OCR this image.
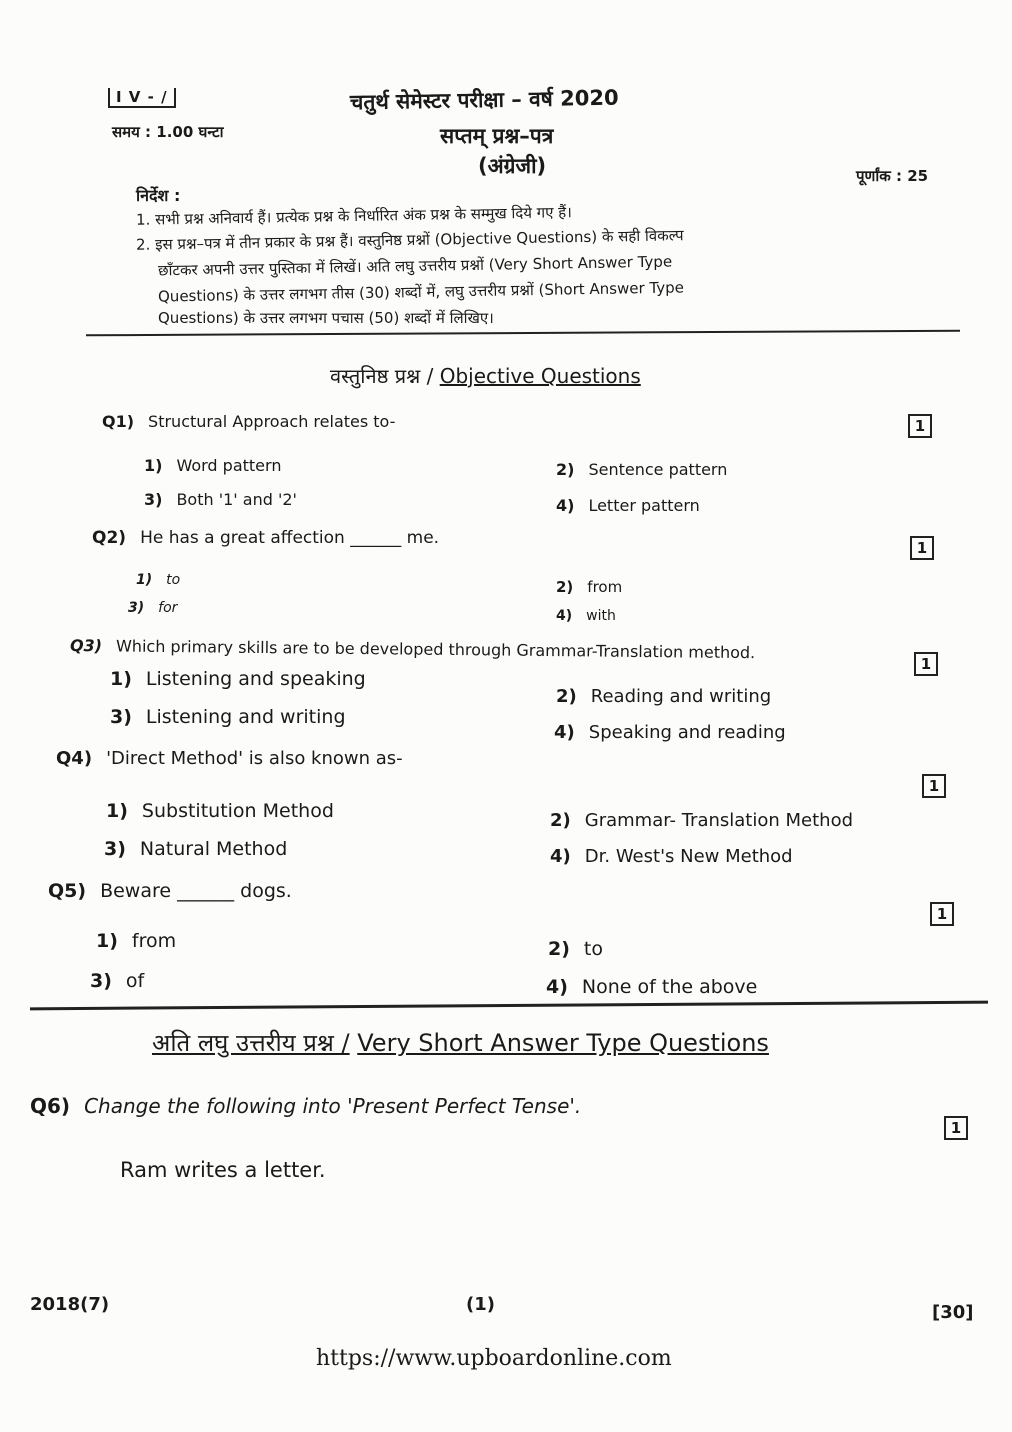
I V - /
समय : 1.00 घन्टा
चतुर्थ सेमेस्टर परीक्षा – वर्ष 2020
सप्तम् प्रश्न–पत्र
(अंग्रेजी)	पूर्णांक : 25
निर्देश :
1. सभी प्रश्न अनिवार्य हैं। प्रत्येक प्रश्न के निर्धारित अंक प्रश्न के सम्मुख दिये गए हैं।
2. इस प्रश्न–पत्र में तीन प्रकार के प्रश्न हैं। वस्तुनिष्ठ प्रश्नों (Objective Questions) के सही विकल्प
छाँटकर अपनी उत्तर पुस्तिका में लिखें। अति लघु उत्तरीय प्रश्नों (Very Short Answer Type
Questions) के उत्तर लगभग तीस (30) शब्दों में, लघु उत्तरीय प्रश्नों (Short Answer Type
Questions) के उत्तर लगभग पचास (50) शब्दों में लिखिए।
वस्तुनिष्ठ प्रश्न / Objective Questions
Q1) Structural Approach relates to-	1
1) Word pattern	2) Sentence pattern
3) Both '1' and '2'	4) Letter pattern
Q2) He has a great affection ______ me.	1
1) to	2) from
3) for	4) with
Q3) Which primary skills are to be developed through Grammar-Translation method.
1
1) Listening and speaking
2) Reading and writing
3) Listening and writing
4) Speaking and reading
Q4) 'Direct Method' is also known as-
1
1) Substitution Method	2) Grammar- Translation Method
3) Natural Method	4) Dr. West's New Method
Q5) Beware ______ dogs.
1
1) from	2) to
3) of	4) None of the above
अति लघु उत्तरीय प्रश्न / Very Short Answer Type Questions
Q6) Change the following into 'Present Perfect Tense'.
1
Ram writes a letter.
2018(7)	(1)	[30]
https://www.upboardonline.com
